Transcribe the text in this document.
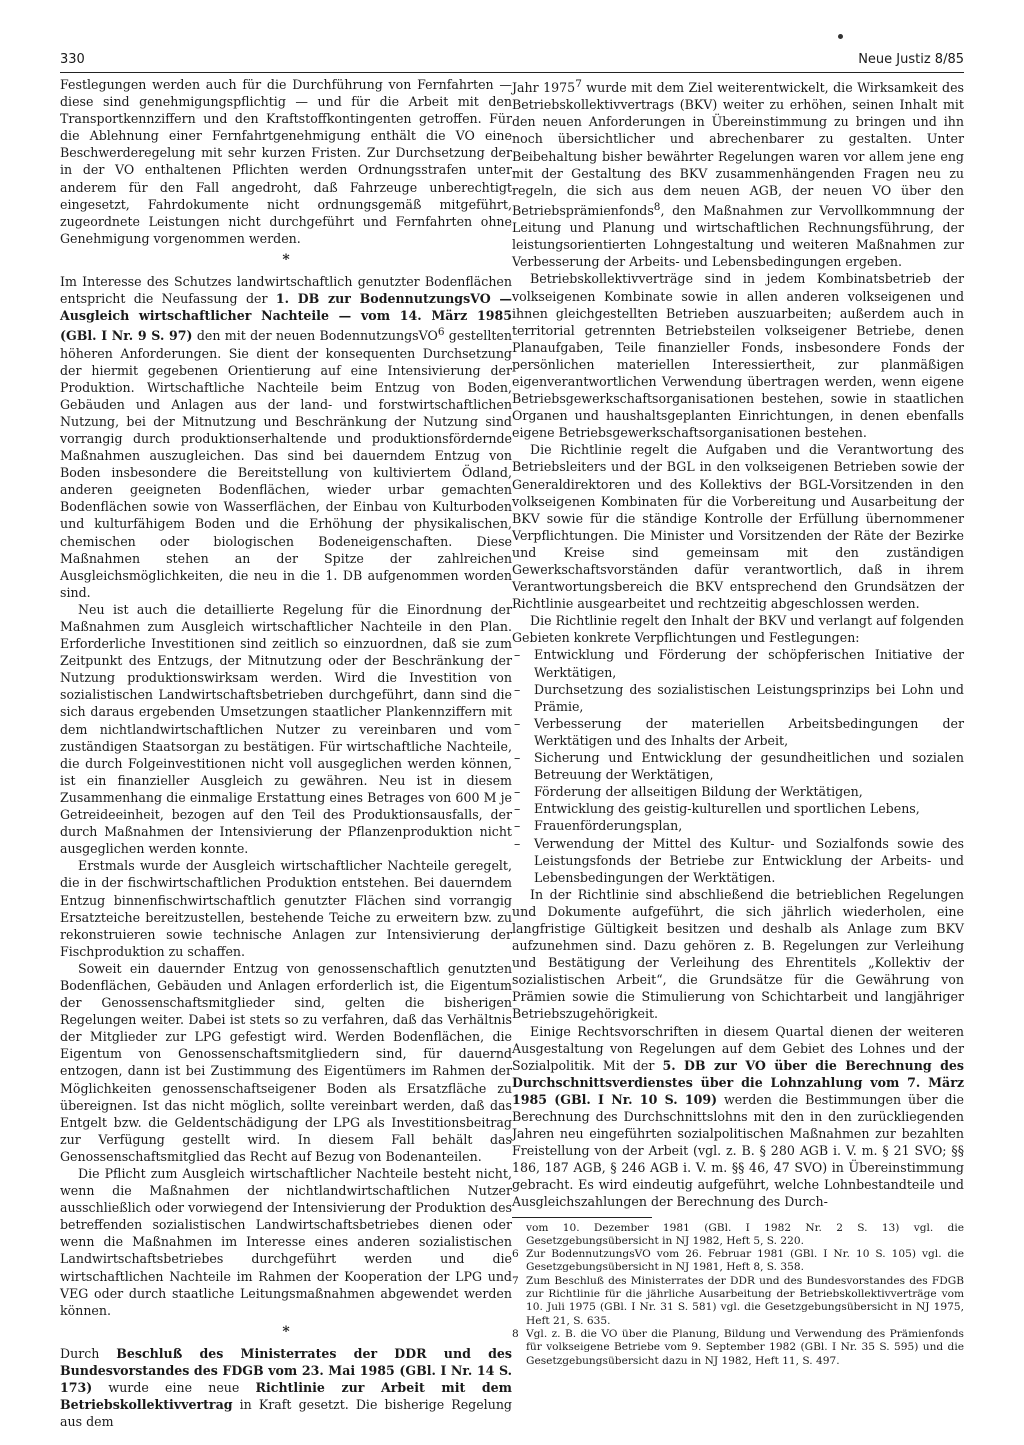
330	Neue Justiz 8/85

Festlegungen werden auch für die Durchführung von Fernfahrten — diese sind genehmigungspflichtig — und für die Arbeit mit den Transportkennziffern und den Kraftstoffkontingenten getroffen. Für die Ablehnung einer Fernfahrtgenehmigung enthält die VO eine Beschwerderegelung mit sehr kurzen Fristen. Zur Durchsetzung der in der VO enthaltenen Pflichten werden Ordnungsstrafen unter anderem für den Fall angedroht, daß Fahrzeuge unberechtigt eingesetzt, Fahrdokumente nicht ordnungsgemäß mitgeführt, zugeordnete Leistungen nicht durchgeführt und Fernfahrten ohne Genehmigung vorgenommen werden.

*

Im Interesse des Schutzes landwirtschaftlich genutzter Bodenflächen entspricht die Neufassung der 1. DB zur BodennutzungsVO — Ausgleich wirtschaftlicher Nachteile — vom 14. März 1985 (GBl. I Nr. 9 S. 97) den mit der neuen BodennutzungsVO$^6$ gestellten höheren Anforderungen. Sie dient der konsequenten Durchsetzung der hiermit gegebenen Orientierung auf eine Intensivierung der Produktion. Wirtschaftliche Nachteile beim Entzug von Boden, Gebäuden und Anlagen aus der land- und forstwirtschaftlichen Nutzung, bei der Mitnutzung und Beschränkung der Nutzung sind vorrangig durch produktionserhaltende und produktionsfördernde Maßnahmen auszugleichen. Das sind bei dauerndem Entzug von Boden insbesondere die Bereitstellung von kultiviertem Ödland, anderen geeigneten Bodenflächen, wieder urbar gemachten Bodenflächen sowie von Wasserflächen, der Einbau von Kulturboden und kulturfähigem Boden und die Erhöhung der physikalischen, chemischen oder biologischen Bodeneigenschaften. Diese Maßnahmen stehen an der Spitze der zahlreichen Ausgleichsmöglichkeiten, die neu in die 1. DB aufgenommen worden sind.

Neu ist auch die detaillierte Regelung für die Einordnung der Maßnahmen zum Ausgleich wirtschaftlicher Nachteile in den Plan. Erforderliche Investitionen sind zeitlich so einzuordnen, daß sie zum Zeitpunkt des Entzugs, der Mitnutzung oder der Beschränkung der Nutzung produktionswirksam werden. Wird die Investition von sozialistischen Landwirtschaftsbetrieben durchgeführt, dann sind die sich daraus ergebenden Umsetzungen staatlicher Plankennziffern mit dem nichtlandwirtschaftlichen Nutzer zu vereinbaren und vom zuständigen Staatsorgan zu bestätigen. Für wirtschaftliche Nachteile, die durch Folgeinvestitionen nicht voll ausgeglichen werden können, ist ein finanzieller Ausgleich zu gewähren. Neu ist in diesem Zusammenhang die einmalige Erstattung eines Betrages von 600 M je Getreideeinheit, bezogen auf den Teil des Produktionsausfalls, der durch Maßnahmen der Intensivierung der Pflanzenproduktion nicht ausgeglichen werden konnte.

Erstmals wurde der Ausgleich wirtschaftlicher Nachteile geregelt, die in der fischwirtschaftlichen Produktion entstehen. Bei dauerndem Entzug binnenfischwirtschaftlich genutzter Flächen sind vorrangig Ersatzteiche bereitzustellen, bestehende Teiche zu erweitern bzw. zu rekonstruieren sowie technische Anlagen zur Intensivierung der Fischproduktion zu schaffen.

Soweit ein dauernder Entzug von genossenschaftlich genutzten Bodenflächen, Gebäuden und Anlagen erforderlich ist, die Eigentum der Genossenschaftsmitglieder sind, gelten die bisherigen Regelungen weiter. Dabei ist stets so zu verfahren, daß das Verhältnis der Mitglieder zur LPG gefestigt wird. Werden Bodenflächen, die Eigentum von Genossenschaftsmitgliedern sind, für dauernd entzogen, dann ist bei Zustimmung des Eigentümers im Rahmen der Möglichkeiten genossenschaftseigener Boden als Ersatzfläche zu übereignen. Ist das nicht möglich, sollte vereinbart werden, daß das Entgelt bzw. die Geldentschädigung der LPG als Investitionsbeitrag zur Verfügung gestellt wird. In diesem Fall behält das Genossenschaftsmitglied das Recht auf Bezug von Bodenanteilen.

Die Pflicht zum Ausgleich wirtschaftlicher Nachteile besteht nicht, wenn die Maßnahmen der nichtlandwirtschaftlichen Nutzer ausschließlich oder vorwiegend der Intensivierung der Produktion des betreffenden sozialistischen Landwirtschaftsbetriebes dienen oder wenn die Maßnahmen im Interesse eines anderen sozialistischen Landwirtschaftsbetriebes durchgeführt werden und die wirtschaftlichen Nachteile im Rahmen der Kooperation der LPG und VEG oder durch staatliche Leitungsmaßnahmen abgewendet werden können.

*

Durch Beschluß des Ministerrates der DDR und des Bundesvorstandes des FDGB vom 23. Mai 1985 (GBl. I Nr. 14 S. 173) wurde eine neue Richtlinie zur Arbeit mit dem Betriebskollektivvertrag in Kraft gesetzt. Die bisherige Regelung aus dem

Jahr 1975$^7$ wurde mit dem Ziel weiterentwickelt, die Wirksamkeit des Betriebskollektivvertrags (BKV) weiter zu erhöhen, seinen Inhalt mit den neuen Anforderungen in Übereinstimmung zu bringen und ihn noch übersichtlicher und abrechenbarer zu gestalten. Unter Beibehaltung bisher bewährter Regelungen waren vor allem jene eng mit der Gestaltung des BKV zusammenhängenden Fragen neu zu regeln, die sich aus dem neuen AGB, der neuen VO über den Betriebsprämienfonds$^8$, den Maßnahmen zur Vervollkommnung der Leitung und Planung und wirtschaftlichen Rechnungsführung, der leistungsorientierten Lohngestaltung und weiteren Maßnahmen zur Verbesserung der Arbeits- und Lebensbedingungen ergeben.

Betriebskollektivverträge sind in jedem Kombinatsbetrieb der volkseigenen Kombinate sowie in allen anderen volkseigenen und ihnen gleichgestellten Betrieben auszuarbeiten; außerdem auch in territorial getrennten Betriebsteilen volkseigener Betriebe, denen Planaufgaben, Teile finanzieller Fonds, insbesondere Fonds der persönlichen materiellen Interessiertheit, zur planmäßigen eigenverantwortlichen Verwendung übertragen werden, wenn eigene Betriebsgewerkschaftsorganisationen bestehen, sowie in staatlichen Organen und haushaltsgeplanten Einrichtungen, in denen ebenfalls eigene Betriebsgewerkschaftsorganisationen bestehen.

Die Richtlinie regelt die Aufgaben und die Verantwortung des Betriebsleiters und der BGL in den volkseigenen Betrieben sowie der Generaldirektoren und des Kollektivs der BGL-Vorsitzenden in den volkseigenen Kombinaten für die Vorbereitung und Ausarbeitung der BKV sowie für die ständige Kontrolle der Erfüllung übernommener Verpflichtungen. Die Minister und Vorsitzenden der Räte der Bezirke und Kreise sind gemeinsam mit den zuständigen Gewerkschaftsvorständen dafür verantwortlich, daß in ihrem Verantwortungsbereich die BKV entsprechend den Grundsätzen der Richtlinie ausgearbeitet und rechtzeitig abgeschlossen werden.

Die Richtlinie regelt den Inhalt der BKV und verlangt auf folgenden Gebieten konkrete Verpflichtungen und Festlegungen:

– Entwicklung und Förderung der schöpferischen Initiative der Werktätigen,
– Durchsetzung des sozialistischen Leistungsprinzips bei Lohn und Prämie,
– Verbesserung der materiellen Arbeitsbedingungen der Werktätigen und des Inhalts der Arbeit,
– Sicherung und Entwicklung der gesundheitlichen und sozialen Betreuung der Werktätigen,
– Förderung der allseitigen Bildung der Werktätigen,
– Entwicklung des geistig-kulturellen und sportlichen Lebens,
– Frauenförderungsplan,
– Verwendung der Mittel des Kultur- und Sozialfonds sowie des Leistungsfonds der Betriebe zur Entwicklung der Arbeits- und Lebensbedingungen der Werktätigen.

In der Richtlinie sind abschließend die betrieblichen Regelungen und Dokumente aufgeführt, die sich jährlich wiederholen, eine langfristige Gültigkeit besitzen und deshalb als Anlage zum BKV aufzunehmen sind. Dazu gehören z. B. Regelungen zur Verleihung und Bestätigung der Verleihung des Ehrentitels „Kollektiv der sozialistischen Arbeit“, die Grundsätze für die Gewährung von Prämien sowie die Stimulierung von Schichtarbeit und langjähriger Betriebszugehörigkeit.

Einige Rechtsvorschriften in diesem Quartal dienen der weiteren Ausgestaltung von Regelungen auf dem Gebiet des Lohnes und der Sozialpolitik. Mit der 5. DB zur VO über die Berechnung des Durchschnittsverdienstes über die Lohnzahlung vom 7. März 1985 (GBl. I Nr. 10 S. 109) werden die Bestimmungen über die Berechnung des Durchschnittslohns mit den in den zurückliegenden Jahren neu eingeführten sozialpolitischen Maßnahmen zur bezahlten Freistellung von der Arbeit (vgl. z. B. § 280 AGB i. V. m. § 21 SVO; §§ 186, 187 AGB, § 246 AGB i. V. m. §§ 46, 47 SVO) in Übereinstimmung gebracht. Es wird eindeutig aufgeführt, welche Lohnbestandteile und Ausgleichszahlungen der Berechnung des Durch-

vom 10. Dezember 1981 (GBl. I 1982 Nr. 2 S. 13) vgl. die Gesetzgebungsübersicht in NJ 1982, Heft 5, S. 220.
6 Zur BodennutzungsVO vom 26. Februar 1981 (GBl. I Nr. 10 S. 105) vgl. die Gesetzgebungsübersicht in NJ 1981, Heft 8, S. 358.
7 Zum Beschluß des Ministerrates der DDR und des Bundesvorstandes des FDGB zur Richtlinie für die jährliche Ausarbeitung der Betriebskollektivverträge vom 10. Juli 1975 (GBl. I Nr. 31 S. 581) vgl. die Gesetzgebungsübersicht in NJ 1975, Heft 21, S. 635.
8 Vgl. z. B. die VO über die Planung, Bildung und Verwendung des Prämienfonds für volkseigene Betriebe vom 9. September 1982 (GBl. I Nr. 35 S. 595) und die Gesetzgebungsübersicht dazu in NJ 1982, Heft 11, S. 497.
